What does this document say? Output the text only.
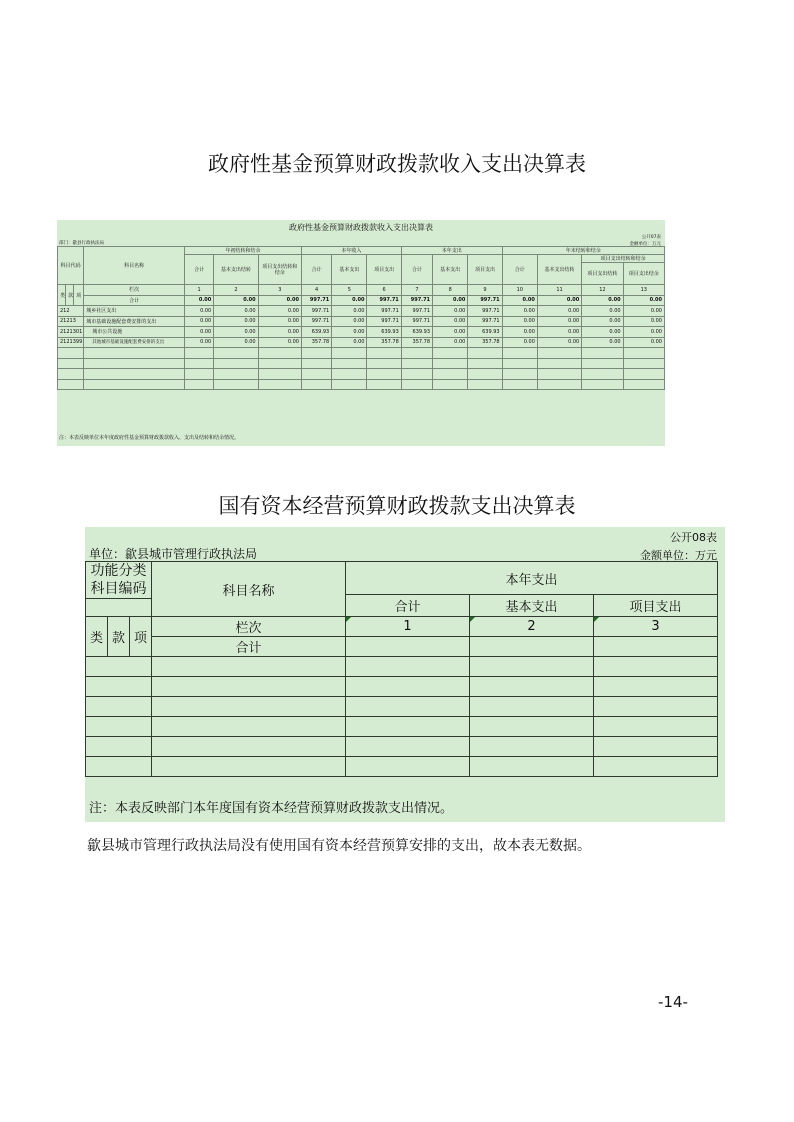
政府性基金预算财政拨款收入支出决算表
政府性基金预算财政拨款收入支出决算表
公开07表
金额单位：万元
部门：歙县行政执法局
科目代码			科目名称	年初结转和结余			本年收入			本年支出			年末结转和结余			
				合计	基本支出结转	项目支出结转和结余	合计	基本支出	项目支出	合计	基本支出	项目支出	合计	基本支出结转	项目支出结转和结余	
															项目支出结转	项目支出结余
类	款	项	栏次	1	2	3	4	5	6	7	8	9	10	11	12	13
			合计	0.00	0.00	0.00	997.71	0.00	997.71	997.71	0.00	997.71	0.00	0.00	0.00	0.00
212			城乡社区支出	0.00	0.00	0.00	997.71	0.00	997.71	997.71	0.00	997.71	0.00	0.00	0.00	0.00
21213			城市基础设施配套费安排的支出	0.00	0.00	0.00	997.71	0.00	997.71	997.71	0.00	997.71	0.00	0.00	0.00	0.00
2121301			城市公共设施	0.00	0.00	0.00	639.93	0.00	639.93	639.93	0.00	639.93	0.00	0.00	0.00	0.00
2121399			其他城市基础设施配套费安排的支出	0.00	0.00	0.00	357.78	0.00	357.78	357.78	0.00	357.78	0.00	0.00	0.00	0.00

注：本表反映单位本年度政府性基金预算财政拨款收入、支出及结转和结余情况。
国有资本经营预算财政拨款支出决算表
公开08表
单位：歙县城市管理行政执法局	金额单位：万元
功能分类
科目编码			科目名称	本年支出		
				合计	基本支出	项目支出

类	款	项	栏次	1	2	3
			合计			

注：本表反映部门本年度国有资本经营预算财政拨款支出情况。
歙县城市管理行政执法局没有使用国有资本经营预算安排的支出，故本表无数据。
-14-
